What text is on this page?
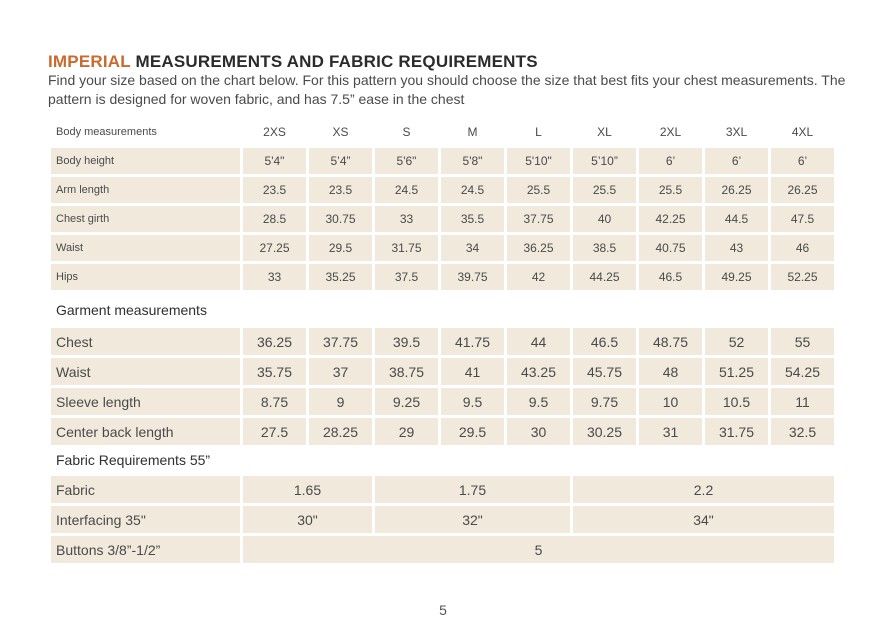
IMPERIAL MEASUREMENTS AND FABRIC REQUIREMENTS

Find your size based on the chart below. For this pattern you should choose the size that best fits your chest measurements. The pattern is designed for woven fabric, and has 7.5” ease in the chest

Body measurements	2XS	XS	S	M	L	XL	2XL	3XL	4XL
Body height	5'4"	5’4”	5'6"	5'8"	5'10"	5’10”	6’	6’	6’
Arm length	23.5	23.5	24.5	24.5	25.5	25.5	25.5	26.25	26.25
Chest girth	28.5	30.75	33	35.5	37.75	40	42.25	44.5	47.5
Waist	27.25	29.5	31.75	34	36.25	38.5	40.75	43	46
Hips	33	35.25	37.5	39.75	42	44.25	46.5	49.25	52.25

Garment measurements

Chest	36.25	37.75	39.5	41.75	44	46.5	48.75	52	55
Waist	35.75	37	38.75	41	43.25	45.75	48	51.25	54.25
Sleeve length	8.75	9	9.25	9.5	9.5	9.75	10	10.5	11
Center back length	27.5	28.25	29	29.5	30	30.25	31	31.75	32.5

Fabric Requirements 55”

Fabric	1.65	1.75	2.2
Interfacing 35"	30"	32"	34"
Buttons 3/8”-1/2”	5		
5
